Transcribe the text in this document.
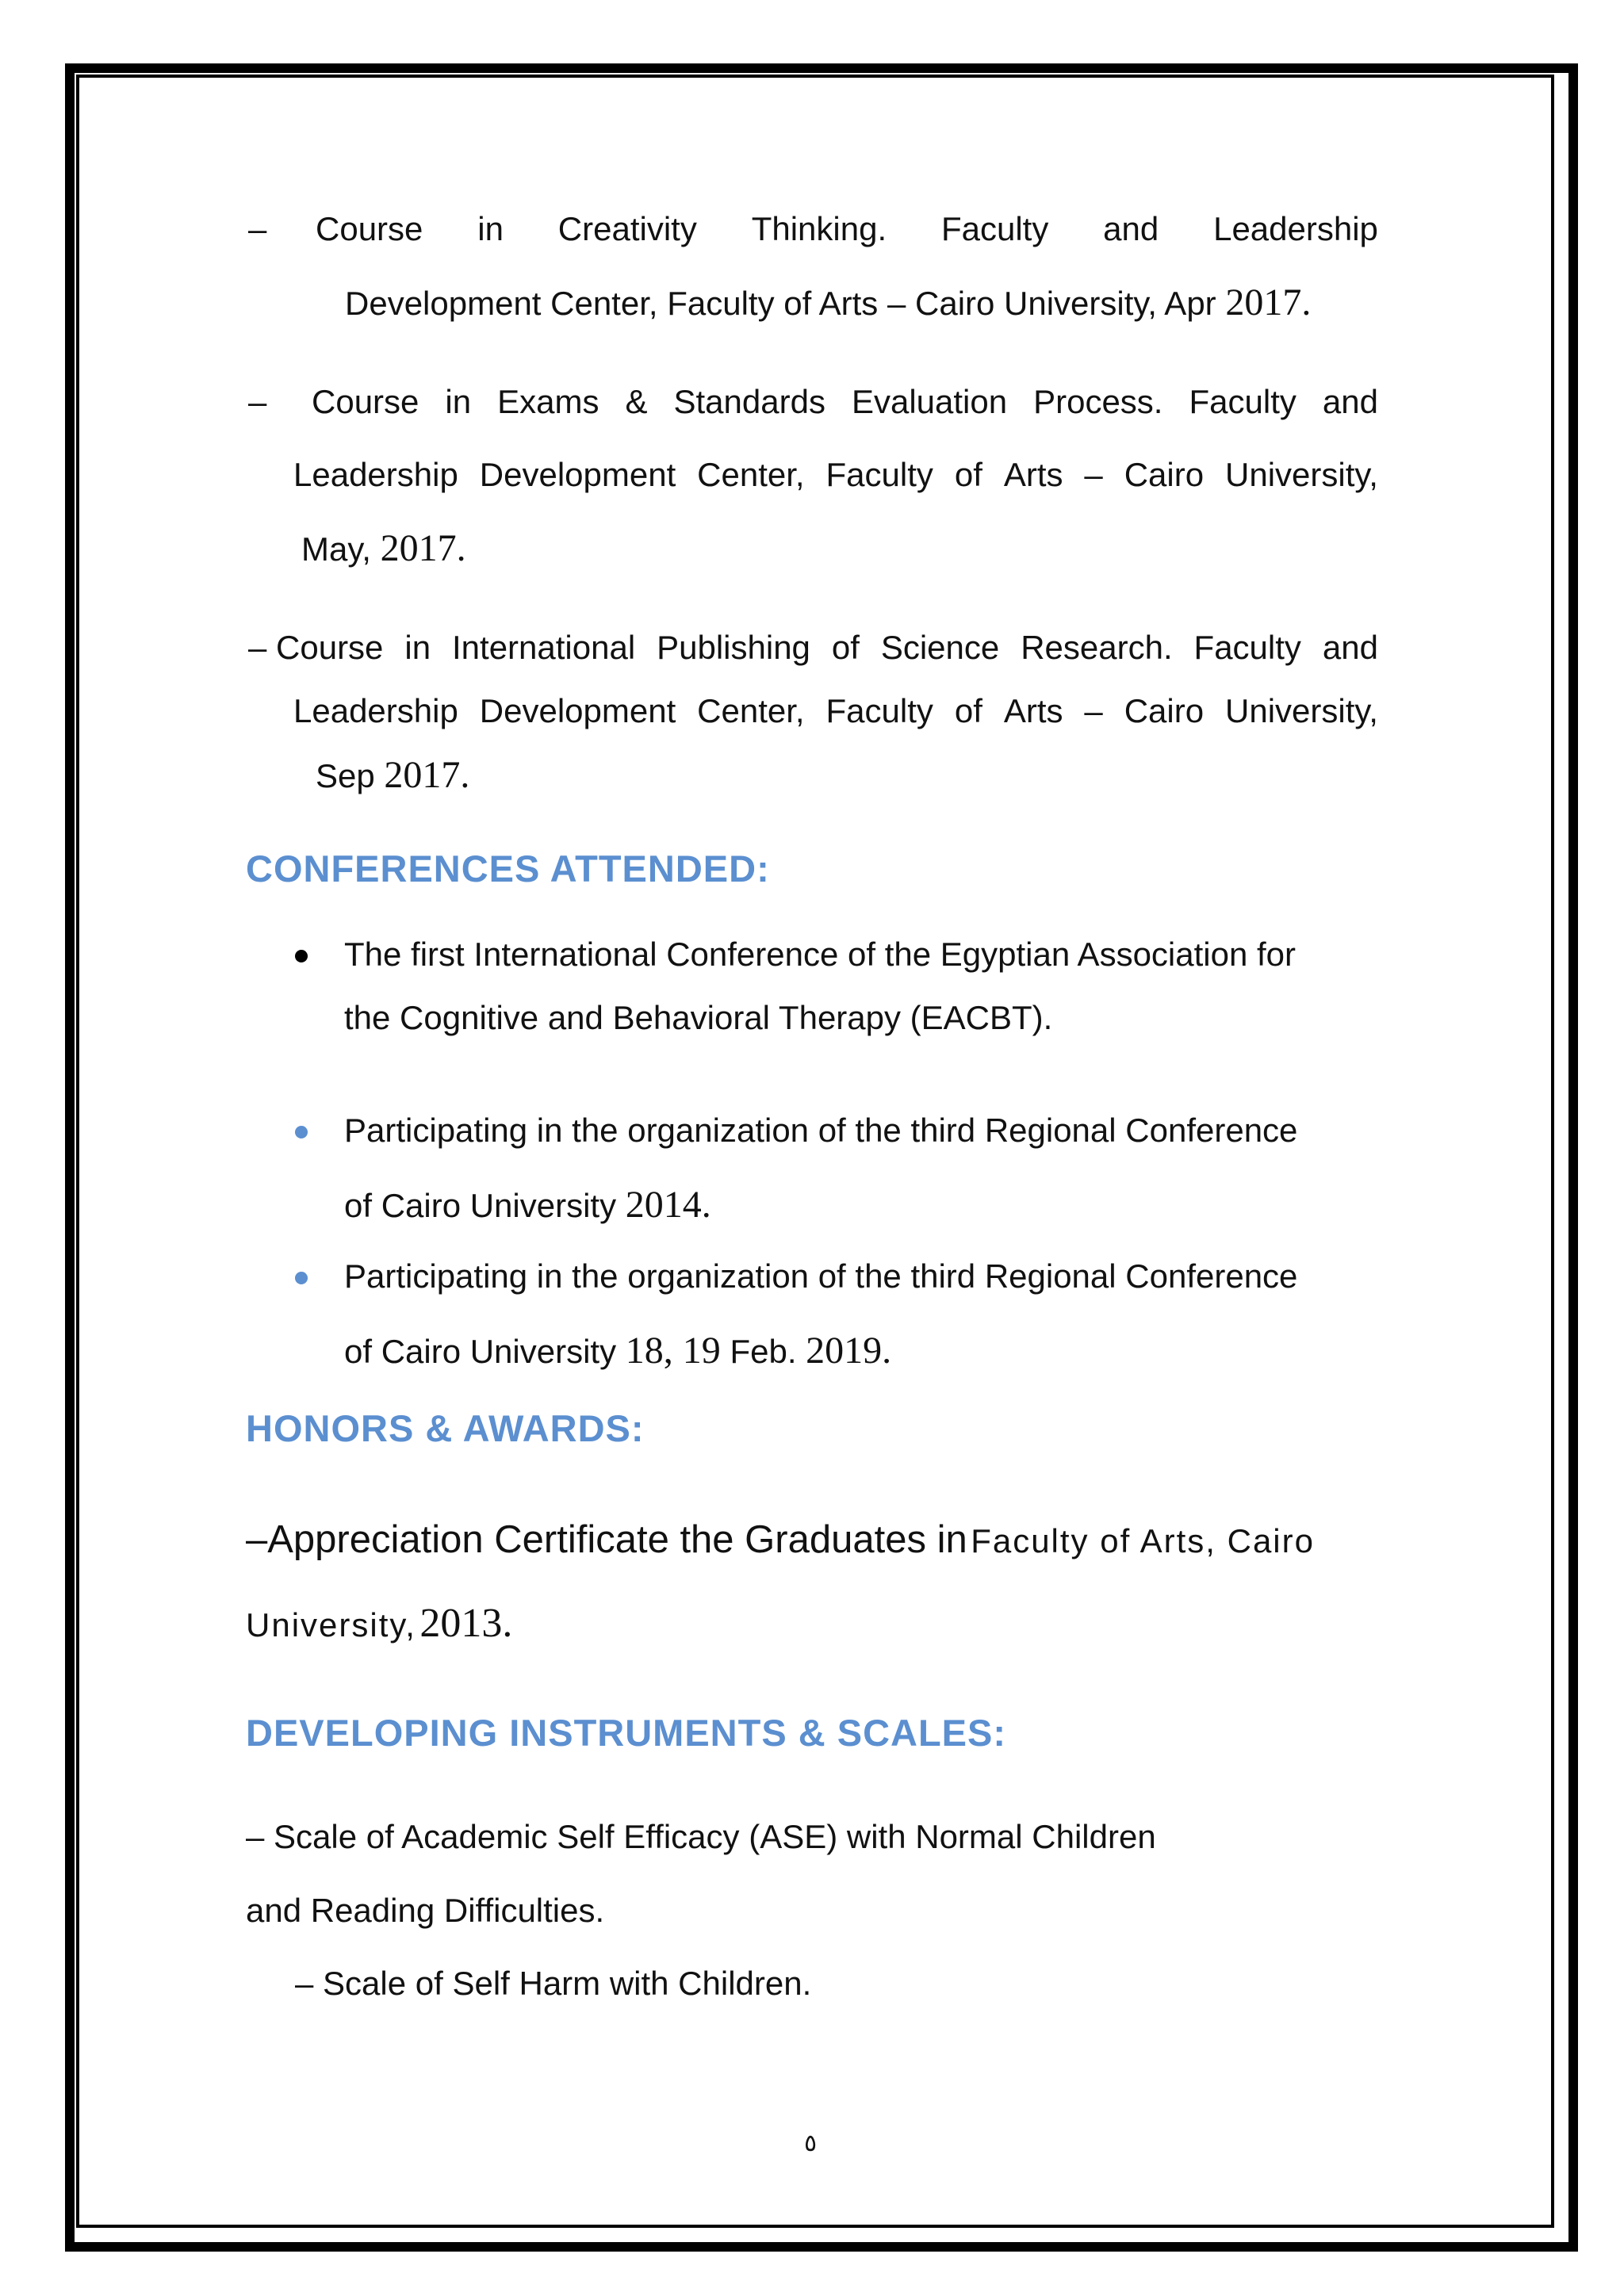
– Course in Creativity Thinking. Faculty and Leadership
Development Center, Faculty of Arts – Cairo University, Apr 2017.
– Course in Exams & Standards Evaluation Process. Faculty and
Leadership Development Center, Faculty of Arts – Cairo University,
May, 2017.
– Course in International Publishing of Science Research. Faculty and
Leadership Development Center, Faculty of Arts – Cairo University,
Sep 2017.
CONFERENCES ATTENDED:
The first International Conference of the Egyptian Association for
the Cognitive and Behavioral Therapy (EACBT).
Participating in the organization of the third Regional Conference
of Cairo University 2014.
Participating in the organization of the third Regional Conference
of Cairo University 18, 19 Feb. 2019.
HONORS & AWARDS:
–Appreciation Certificate the Graduates in Faculty of Arts, Cairo
University, 2013.
DEVELOPING INSTRUMENTS & SCALES:
– Scale of Academic Self Efficacy (ASE) with Normal Children
and Reading Difficulties.
– Scale of Self Harm with Children.
٥
